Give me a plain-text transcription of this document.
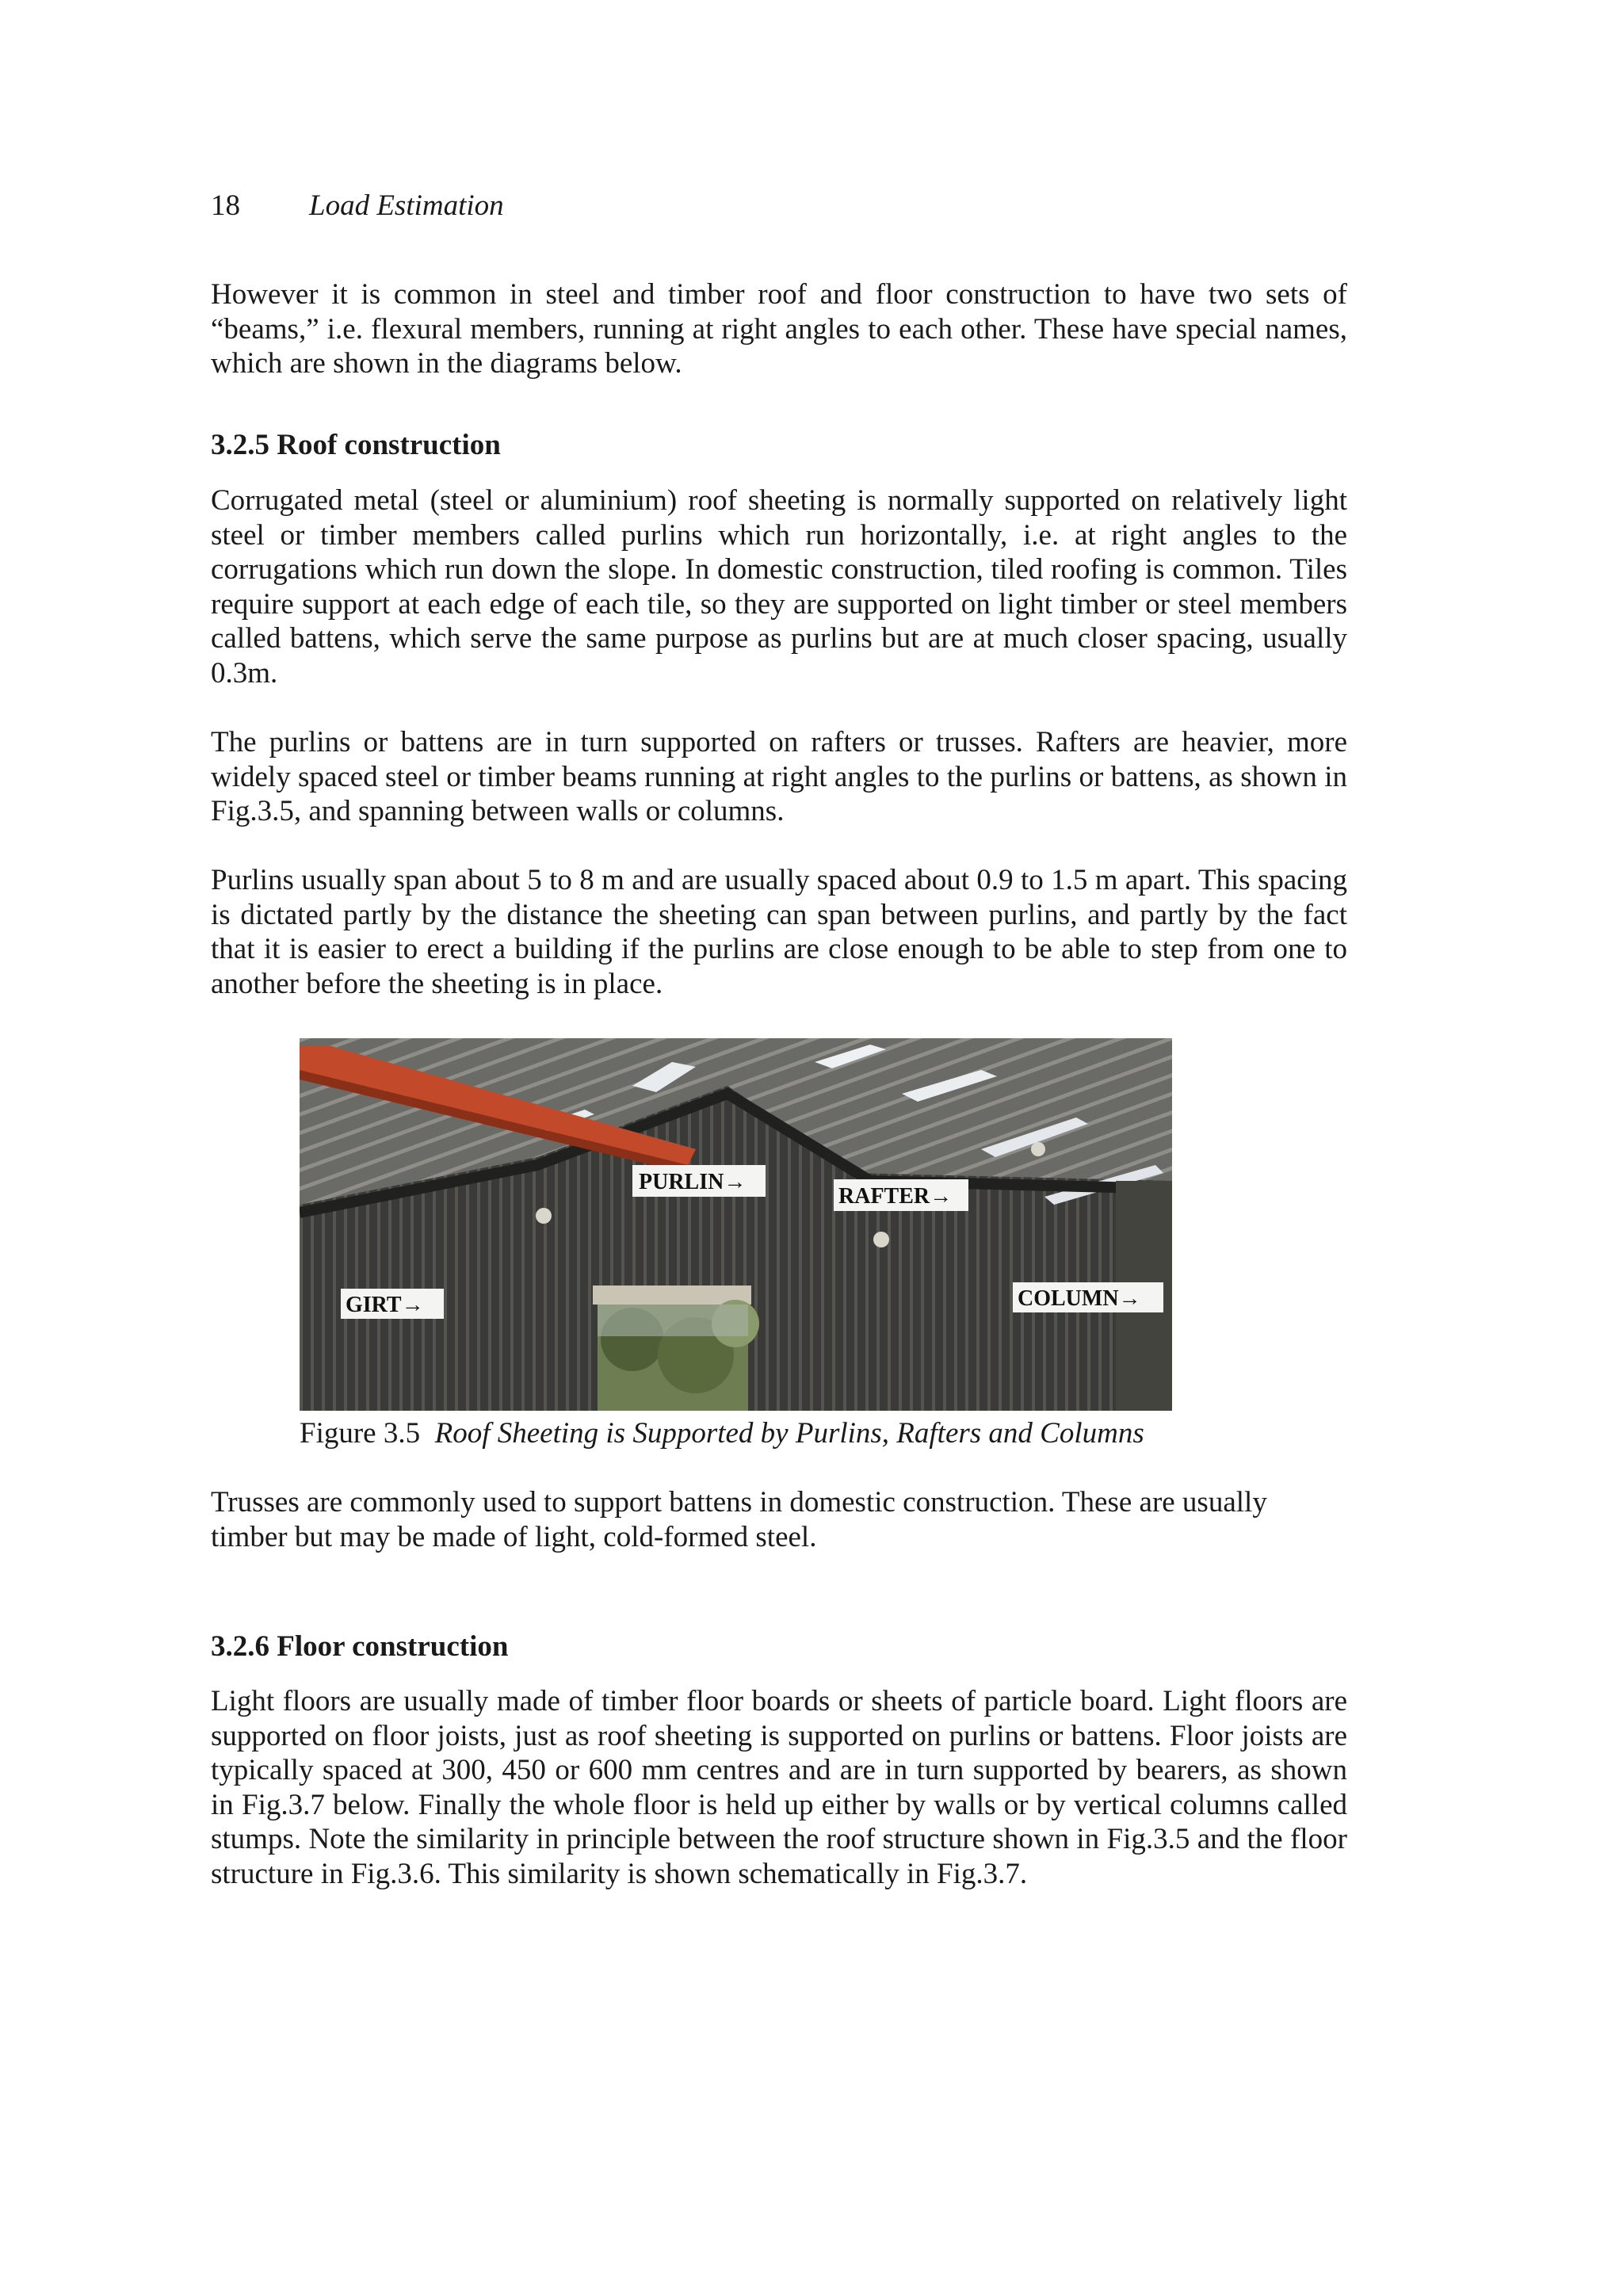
18 Load Estimation

However it is common in steel and timber roof and floor construction to have two sets of “beams,” i.e. flexural members, running at right angles to each other. These have special names, which are shown in the diagrams below.

3.2.5 Roof construction

Corrugated metal (steel or aluminium) roof sheeting is normally supported on relatively light steel or timber members called purlins which run horizontally, i.e. at right angles to the corrugations which run down the slope. In domestic construction, tiled roofing is common. Tiles require support at each edge of each tile, so they are supported on light timber or steel members called battens, which serve the same purpose as purlins but are at much closer spacing, usually 0.3m.

The purlins or battens are in turn supported on rafters or trusses. Rafters are heavier, more widely spaced steel or timber beams running at right angles to the purlins or battens, as shown in Fig.3.5, and spanning between walls or columns.

Purlins usually span about 5 to 8 m and are usually spaced about 0.9 to 1.5 m apart. This spacing is dictated partly by the distance the sheeting can span between purlins, and partly by the fact that it is easier to erect a building if the purlins are close enough to be able to step from one to another before the sheeting is in place.

PURLIN→
RAFTER→
GIRT→	COLUMN→
Figure 3.5 Roof Sheeting is Supported by Purlins, Rafters and Columns

Trusses are commonly used to support battens in domestic construction. These are usually timber but may be made of light, cold-formed steel.

3.2.6 Floor construction

Light floors are usually made of timber floor boards or sheets of particle board. Light floors are supported on floor joists, just as roof sheeting is supported on purlins or battens. Floor joists are typically spaced at 300, 450 or 600 mm centres and are in turn supported by bearers, as shown in Fig.3.7 below. Finally the whole floor is held up either by walls or by vertical columns called stumps. Note the similarity in principle between the roof structure shown in Fig.3.5 and the floor structure in Fig.3.6. This similarity is shown schematically in Fig.3.7.
